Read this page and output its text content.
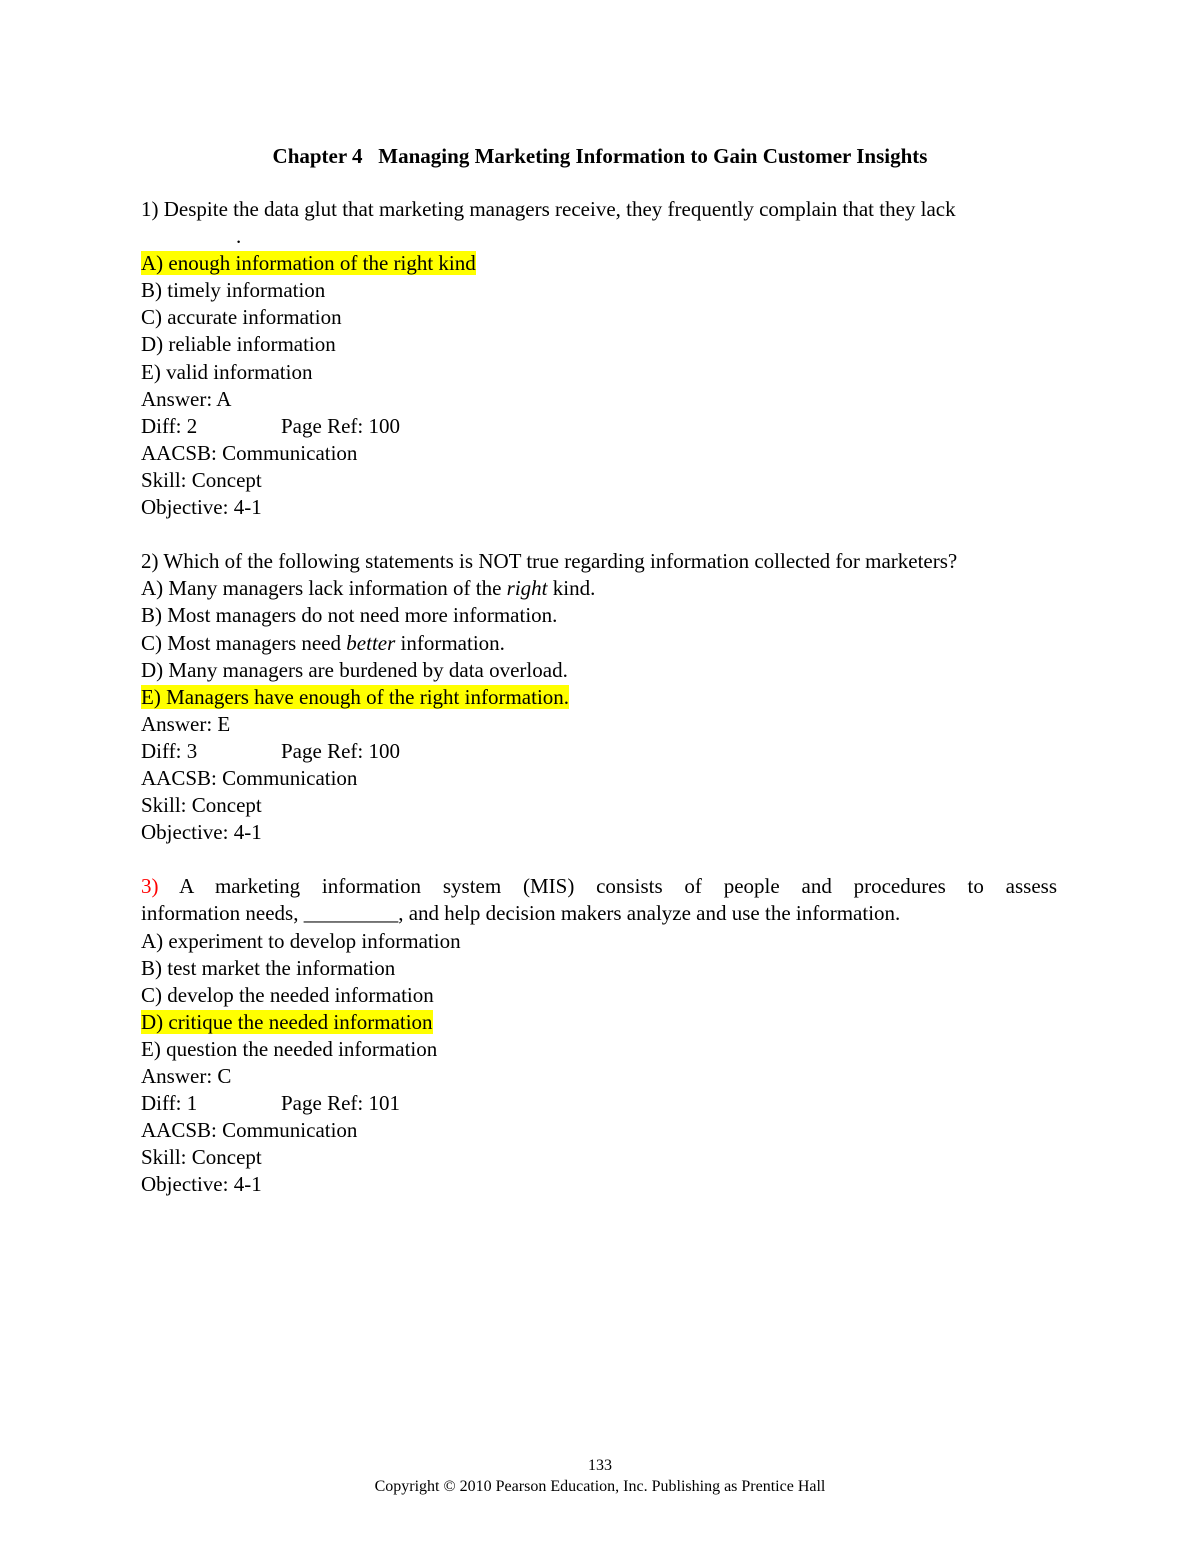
Chapter 4   Managing Marketing Information to Gain Customer Insights
1) Despite the data glut that marketing managers receive, they frequently complain that they lack
.
A) enough information of the right kind
B) timely information
C) accurate information
D) reliable information
E) valid information
Answer: A
Diff: 2	Page Ref: 100
AACSB: Communication
Skill: Concept
Objective: 4-1
2) Which of the following statements is NOT true regarding information collected for marketers?
A) Many managers lack information of the right kind.
B) Most managers do not need more information.
C) Most managers need better information.
D) Many managers are burdened by data overload.
E) Managers have enough of the right information.
Answer: E
Diff: 3	Page Ref: 100
AACSB: Communication
Skill: Concept
Objective: 4-1
3) A marketing information system (MIS) consists of people and procedures to assess
information needs, _________, and help decision makers analyze and use the information.
A) experiment to develop information
B) test market the information
C) develop the needed information
D) critique the needed information
E) question the needed information
Answer: C
Diff: 1	Page Ref: 101
AACSB: Communication
Skill: Concept
Objective: 4-1
133
Copyright © 2010 Pearson Education, Inc. Publishing as Prentice Hall
